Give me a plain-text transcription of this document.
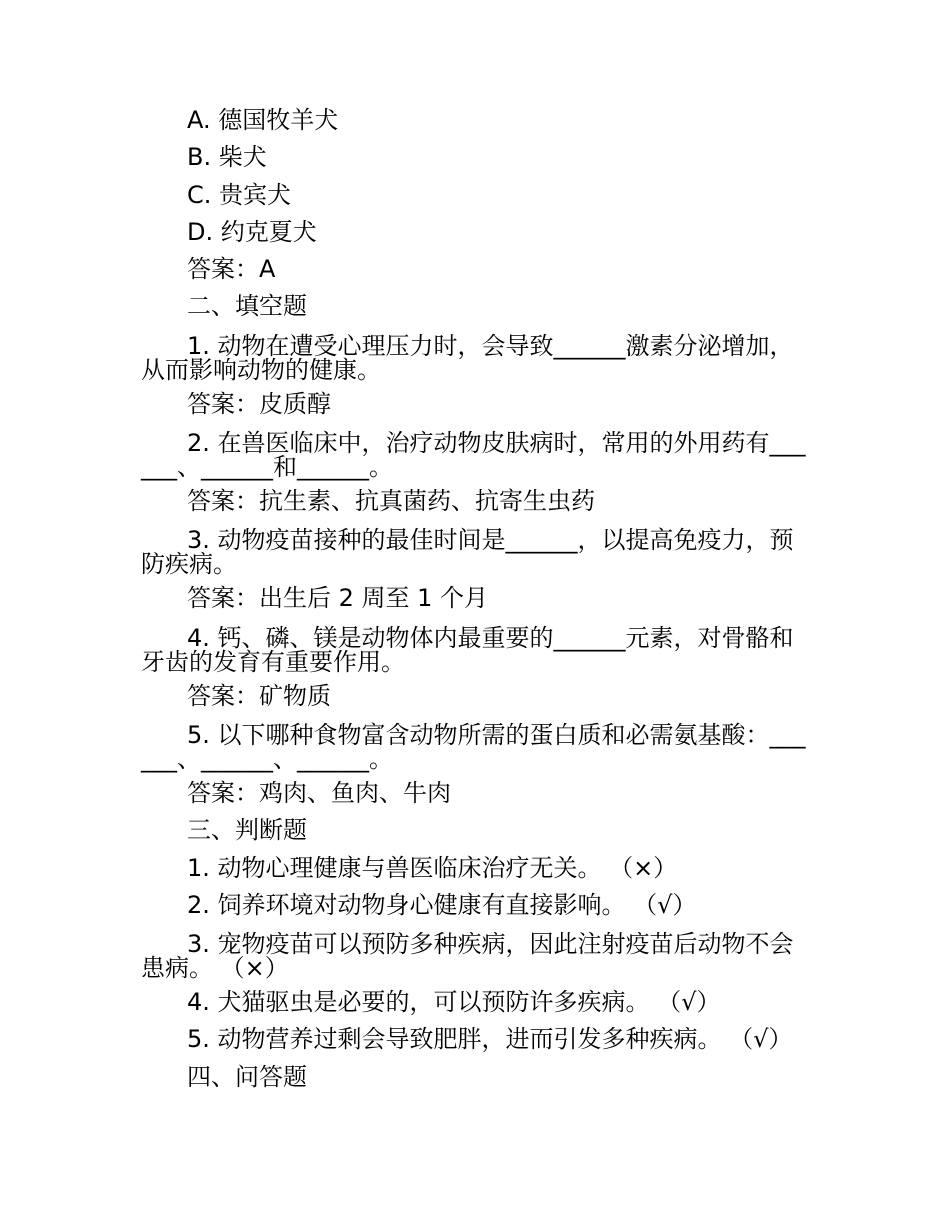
A. 德国牧羊犬
B. 柴犬
C. 贵宾犬
D. 约克夏犬
答案：A
二、填空题
1. 动物在遭受心理压力时，会导致______激素分泌增加，从而影响动物的健康。
答案：皮质醇
2. 在兽医临床中，治疗动物皮肤病时，常用的外用药有______、______和______。
答案：抗生素、抗真菌药、抗寄生虫药
3. 动物疫苗接种的最佳时间是______，以提高免疫力，预防疾病。
答案：出生后 2 周至 1 个月
4. 钙、磷、镁是动物体内最重要的______元素，对骨骼和牙齿的发育有重要作用。
答案：矿物质
5. 以下哪种食物富含动物所需的蛋白质和必需氨基酸：______、______、______。
答案：鸡肉、鱼肉、牛肉
三、判断题
1. 动物心理健康与兽医临床治疗无关。 （×）
2. 饲养环境对动物身心健康有直接影响。 （√）
3. 宠物疫苗可以预防多种疾病，因此注射疫苗后动物不会患病。 （×）
4. 犬猫驱虫是必要的，可以预防许多疾病。 （√）
5. 动物营养过剩会导致肥胖，进而引发多种疾病。 （√）
四、问答题
